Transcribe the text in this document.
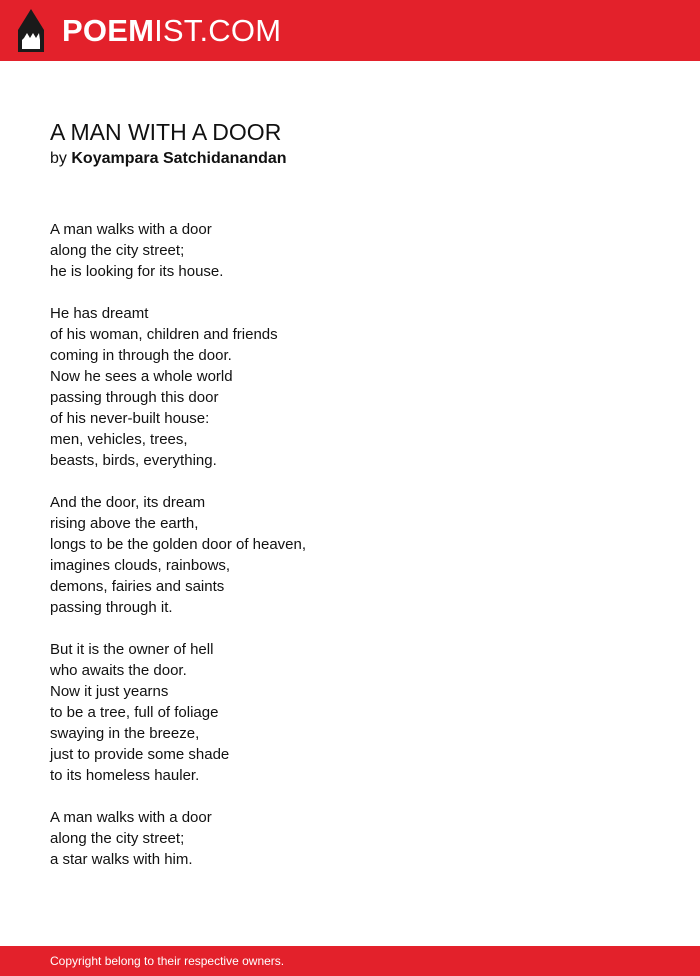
POEMIST.COM
A MAN WITH A DOOR
by Koyampara Satchidanandan
A man walks with a door
along the city street;
he is looking for its house.
He has dreamt
of his woman, children and friends
coming in through the door.
Now he sees a whole world
passing through this door
of his never-built house:
men, vehicles, trees,
beasts, birds, everything.
And the door, its dream
rising above the earth,
longs to be the golden door of heaven,
imagines clouds, rainbows,
demons, fairies and saints
passing through it.
But it is the owner of hell
who awaits the door.
Now it just yearns
to be a tree, full of foliage
swaying in the breeze,
just to provide some shade
to its homeless hauler.
A man walks with a door
along the city street;
a star walks with him.
Copyright belong to their respective owners.
